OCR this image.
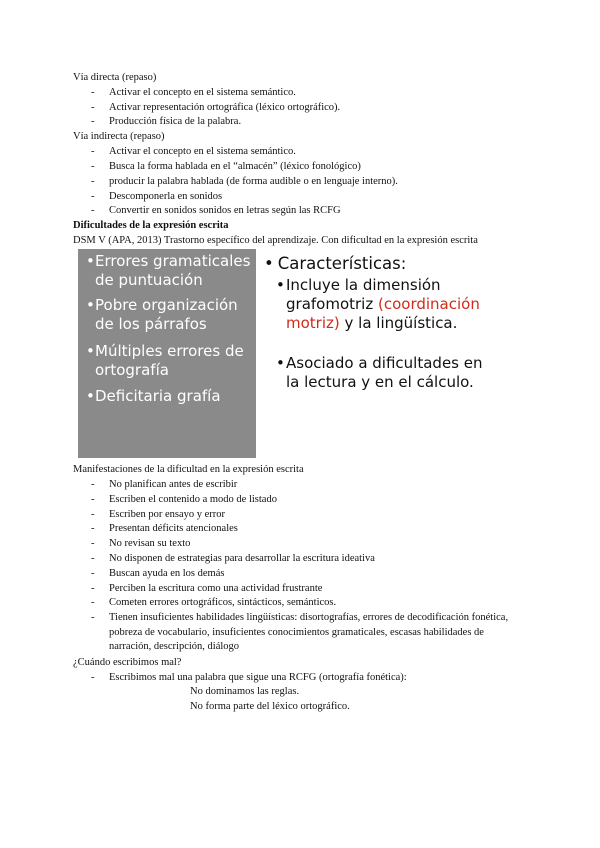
Vía directa (repaso)
- Activar el concepto en el sistema semántico.
- Activar representación ortográfica (léxico ortográfico).
- Producción física de la palabra.
Vía indirecta (repaso)
- Activar el concepto en el sistema semántico.
- Busca la forma hablada en el “almacén” (léxico fonológico)
- producir la palabra hablada (de forma audible o en lenguaje interno).
- Descomponerla en sonidos
- Convertir en sonidos sonidos en letras según las RCFG
Dificultades de la expresión escrita
DSM V (APA, 2013) Trastorno específico del aprendizaje. Con dificultad en la expresión escrita
• Errores gramaticales de puntuación
• Pobre organización de los párrafos
• Múltiples errores de ortografía
• Deficitaria grafía
• Características:
• Incluye la dimensión grafomotriz (coordinación motriz) y la lingüística.
• Asociado a dificultades en la lectura y en el cálculo.
Manifestaciones de la dificultad en la expresión escrita
- No planifican antes de escribir
- Escriben el contenido a modo de listado
- Escriben por ensayo y error
- Presentan déficits atencionales
- No revisan su texto
- No disponen de estrategias para desarrollar la escritura ideativa
- Buscan ayuda en los demás
- Perciben la escritura como una actividad frustrante
- Cometen errores ortográficos, sintácticos, semánticos.
- Tienen insuficientes habilidades lingüísticas: disortografías, errores de decodificación fonética, pobreza de vocabulario, insuficientes conocimientos gramaticales, escasas habilidades de narración, descripción, diálogo
¿Cuándo escribimos mal?
- Escribimos mal una palabra que sigue una RCFG (ortografía fonética):
No dominamos las reglas.
No forma parte del léxico ortográfico.
